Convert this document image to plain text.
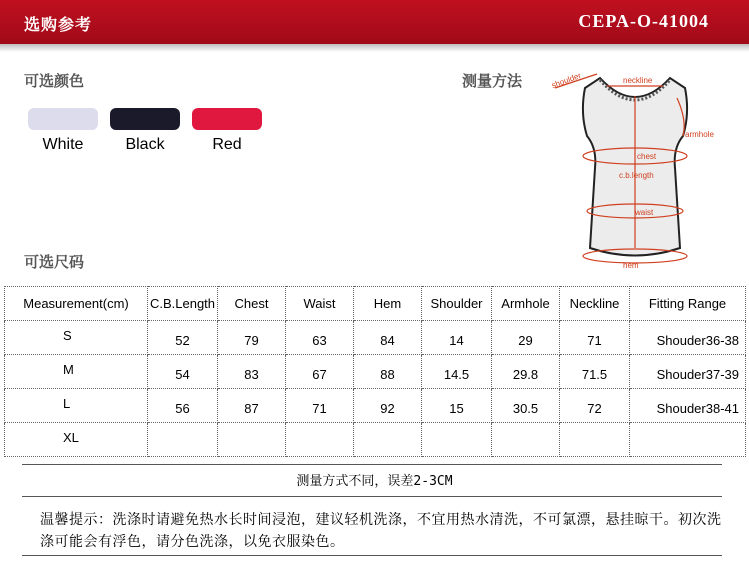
选购参考	CEPA-O-41004
可选颜色
White	Black	Red
测量方法	shoulder	neckline
armhole
chest
c.b.length
waist
hem
可选尺码
Measurement(cm)	C.B.Length	Chest	Waist	Hem	Shoulder	Armhole	Neckline	Fitting Range
S	52	79	63	84	14	29	71	Shouder36-38
M	54	83	67	88	14.5	29.8	71.5	Shouder37-39
L	56	87	71	92	15	30.5	72	Shouder38-41
XL								
测量方式不同，误差2-3CM
温馨提示：洗涤时请避免热水长时间浸泡，建议轻机洗涤，不宜用热水清洗，不可氯漂，悬挂晾干。初次洗涤可能会有浮色，请分色洗涤，以免衣服染色。
